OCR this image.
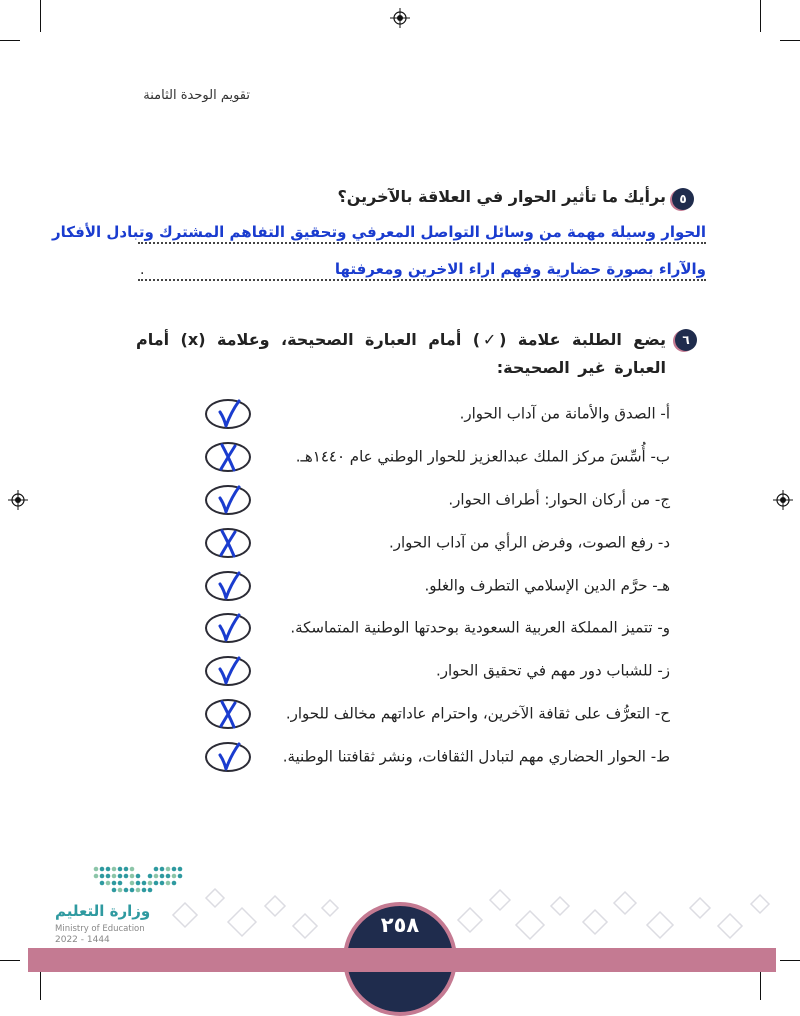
تقويم الوحدة الثامنة
٥
برأيك ما تأثير الحوار في العلاقة بالآخرين؟
الحوار وسيلة مهمة من وسائل التواصل المعرفي وتحقيق التفاهم المشترك وتبادل الأفكار
والآراء بصورة حضارية وفهم اراء الاخرين ومعرفتها
.
٦
يضع الطلبة علامة (✓) أمام العبارة الصحيحة، وعلامة (x) أمام العبارة غير الصحيحة:
أ- الصدق والأمانة من آداب الحوار.
ب- أُسِّسَ مركز الملك عبدالعزيز للحوار الوطني عام ١٤٤٠هـ.
ج- من أركان الحوار: أطراف الحوار.
د- رفع الصوت، وفرض الرأي من آداب الحوار.
هـ- حرَّم الدين الإسلامي التطرف والغلو.
و- تتميز المملكة العربية السعودية بوحدتها الوطنية المتماسكة.
ز- للشباب دور مهم في تحقيق الحوار.
ح- التعرُّف على ثقافة الآخرين، واحترام عاداتهم مخالف للحوار.
ط- الحوار الحضاري مهم لتبادل الثقافات، ونشر ثقافتنا الوطنية.
٢٥٨
وزارة التعليم
Ministry of Education
2022 - 1444
